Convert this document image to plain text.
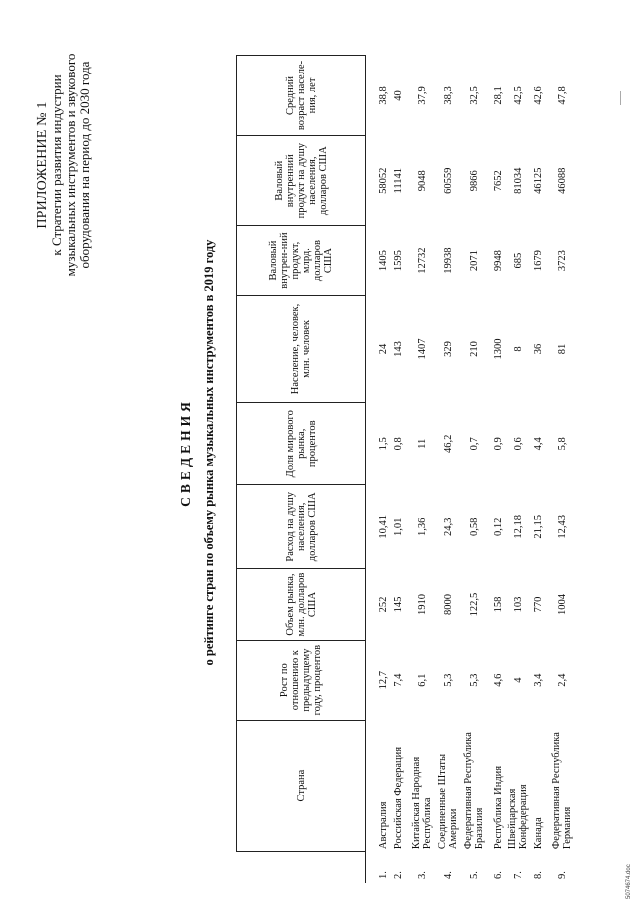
ПРИЛОЖЕНИЕ № 1 к Стратегии развития индустрии музыкальных инструментов и звукового оборудования на период до 2030 года
СВЕДЕНИЯ о рейтинге стран по объему рынка музыкальных инструментов в 2019 году
	Страна	Рост по отношению к предыдущему году, процентов	Объем рынка, млн. долларов США	Расход на душу населения, долларов США	Доля мирового рынка, процентов	Население, человек, млн. человек	Валовый внутрен-ний продукт, млрд. долларов США	Валовый внутренний продукт на душу населения, долларов США	Средний возраст населе-ния, лет
1.	Австралия	12,7	252	10,41	1,5	24	1405	58052	38,8
2.	Российская Федерация	7,4	145	1,01	0,8	143	1595	11141	40
3.	Китайская Народная Республика	6,1	1910	1,36	11	1407	12732	9048	37,9
4.	Соединенные Штаты Америки	5,3	8000	24,3	46,2	329	19938	60559	38,3
5.	Федеративная Республика Бразилия	5,3	122,5	0,58	0,7	210	2071	9866	32,5
6.	Республика Индия	4,6	158	0,12	0,9	1300	9948	7652	28,1
7.	Швейцарская Конфедерация	4	103	12,18	0,6	8	685	81034	42,5
8.	Канада	3,4	770	21,15	4,4	36	1679	46125	42,6
9.	Федеративная Республика Германия	2,4	1004	12,43	5,8	81	3723	46088	47,8
5074674.doc
